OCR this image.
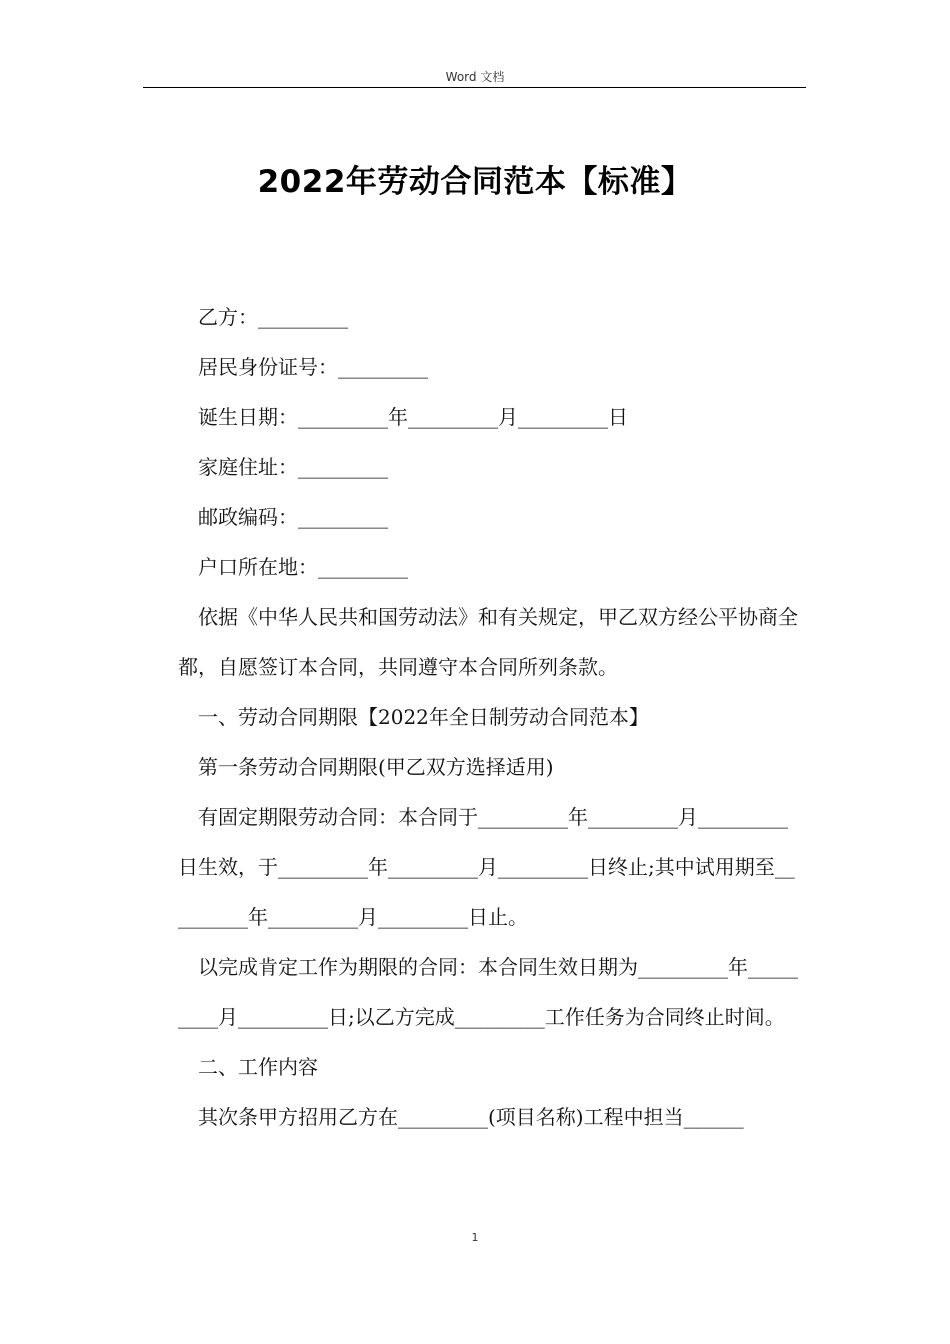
Word 文档
2022年劳动合同范本【标准】

乙方：_________

居民身份证号：_________

诞生日期：_________年_________月_________日

家庭住址：_________

邮政编码：_________

户口所在地：_________

依据《中华人民共和国劳动法》和有关规定，甲乙双方经公平协商全都，自愿签订本合同，共同遵守本合同所列条款。

一、劳动合同期限【2022年全日制劳动合同范本】

第一条劳动合同期限(甲乙双方选择适用)

有固定期限劳动合同：本合同于_________年_________月_________日生效，于_________年_________月_________日终止;其中试用期至_________年_________月_________日止。

以完成肯定工作为期限的合同：本合同生效日期为_________年_________月_________日;以乙方完成_________工作任务为合同终止时间。

二、工作内容

其次条甲方招用乙方在_________(项目名称)工程中担当______

1
